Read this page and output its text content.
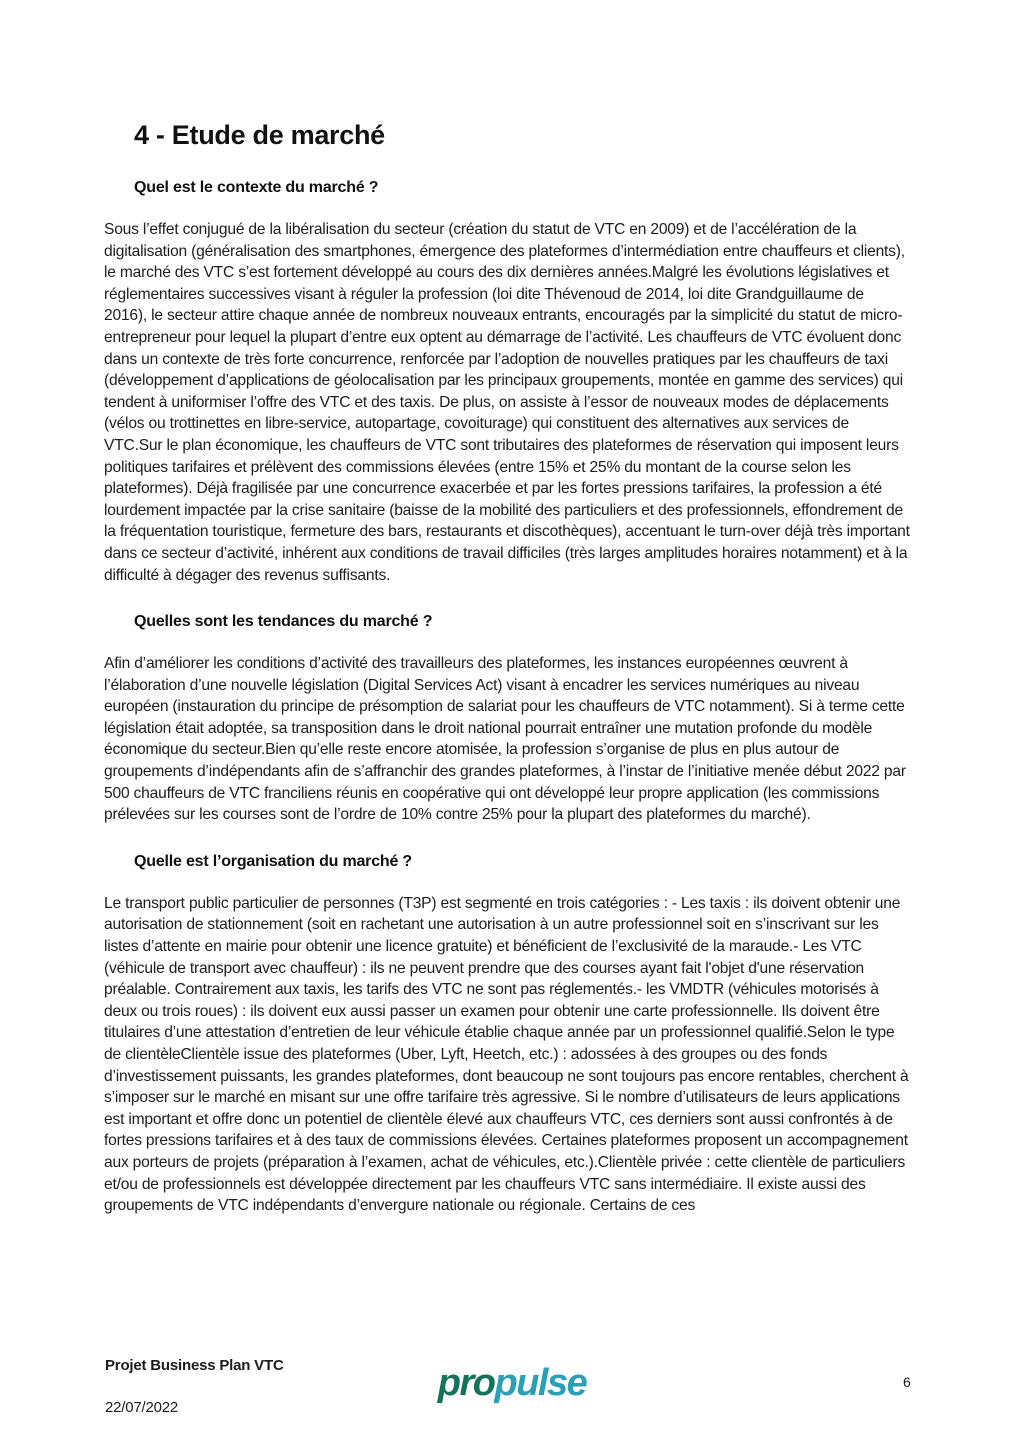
4 - Etude de marché
Quel est le contexte du marché ?

Sous l’effet conjugué de la libéralisation du secteur (création du statut de VTC en 2009) et de l’accélération de la digitalisation (généralisation des smartphones, émergence des plateformes d’intermédiation entre chauffeurs et clients), le marché des VTC s’est fortement développé au cours des dix dernières années.Malgré les évolutions législatives et réglementaires successives visant à réguler la profession (loi dite Thévenoud de 2014, loi dite Grandguillaume de 2016), le secteur attire chaque année de nombreux nouveaux entrants, encouragés par la simplicité du statut de micro-entrepreneur pour lequel la plupart d’entre eux optent au démarrage de l’activité. Les chauffeurs de VTC évoluent donc dans un contexte de très forte concurrence, renforcée par l’adoption de nouvelles pratiques par les chauffeurs de taxi (développement d’applications de géolocalisation par les principaux groupements, montée en gamme des services) qui tendent à uniformiser l’offre des VTC et des taxis. De plus, on assiste à l’essor de nouveaux modes de déplacements (vélos ou trottinettes en libre-service, autopartage, covoiturage) qui constituent des alternatives aux services de VTC.Sur le plan économique, les chauffeurs de VTC sont tributaires des plateformes de réservation qui imposent leurs politiques tarifaires et prélèvent des commissions élevées (entre 15% et 25% du montant de la course selon les plateformes). Déjà fragilisée par une concurrence exacerbée et par les fortes pressions tarifaires, la profession a été lourdement impactée par la crise sanitaire (baisse de la mobilité des particuliers et des professionnels, effondrement de la fréquentation touristique, fermeture des bars, restaurants et discothèques), accentuant le turn-over déjà très important dans ce secteur d’activité, inhérent aux conditions de travail difficiles (très larges amplitudes horaires notamment) et à la difficulté à dégager des revenus suffisants.

Quelles sont les tendances du marché ?

Afin d’améliorer les conditions d’activité des travailleurs des plateformes, les instances européennes œuvrent à l’élaboration d’une nouvelle législation (Digital Services Act) visant à encadrer les services numériques au niveau européen (instauration du principe de présomption de salariat pour les chauffeurs de VTC notamment). Si à terme cette législation était adoptée, sa transposition dans le droit national pourrait entraîner une mutation profonde du modèle économique du secteur.Bien qu’elle reste encore atomisée, la profession s’organise de plus en plus autour de groupements d’indépendants afin de s’affranchir des grandes plateformes, à l’instar de l’initiative menée début 2022 par 500 chauffeurs de VTC franciliens réunis en coopérative qui ont développé leur propre application (les commissions prélevées sur les courses sont de l’ordre de 10% contre 25% pour la plupart des plateformes du marché).

Quelle est l’organisation du marché ?

Le transport public particulier de personnes (T3P) est segmenté en trois catégories : - Les taxis : ils doivent obtenir une autorisation de stationnement (soit en rachetant une autorisation à un autre professionnel soit en s’inscrivant sur les listes d’attente en mairie pour obtenir une licence gratuite) et bénéficient de l’exclusivité de la maraude.- Les VTC (véhicule de transport avec chauffeur) : ils ne peuvent prendre que des courses ayant fait l'objet d'une réservation préalable. Contrairement aux taxis, les tarifs des VTC ne sont pas réglementés.- les VMDTR (véhicules motorisés à deux ou trois roues) : ils doivent eux aussi passer un examen pour obtenir une carte professionnelle. Ils doivent être titulaires d’une attestation d’entretien de leur véhicule établie chaque année par un professionnel qualifié.Selon le type de clientèleClientèle issue des plateformes (Uber, Lyft, Heetch, etc.) : adossées à des groupes ou des fonds d’investissement puissants, les grandes plateformes, dont beaucoup ne sont toujours pas encore rentables, cherchent à s’imposer sur le marché en misant sur une offre tarifaire très agressive. Si le nombre d’utilisateurs de leurs applications est important et offre donc un potentiel de clientèle élevé aux chauffeurs VTC, ces derniers sont aussi confrontés à de fortes pressions tarifaires et à des taux de commissions élevées. Certaines plateformes proposent un accompagnement aux porteurs de projets (préparation à l’examen, achat de véhicules, etc.).Clientèle privée : cette clientèle de particuliers et/ou de professionnels est développée directement par les chauffeurs VTC sans intermédiaire. Il existe aussi des groupements de VTC indépendants d’envergure nationale ou régionale. Certains de ces

Projet Business Plan VTC
22/07/2022
propulse	6
